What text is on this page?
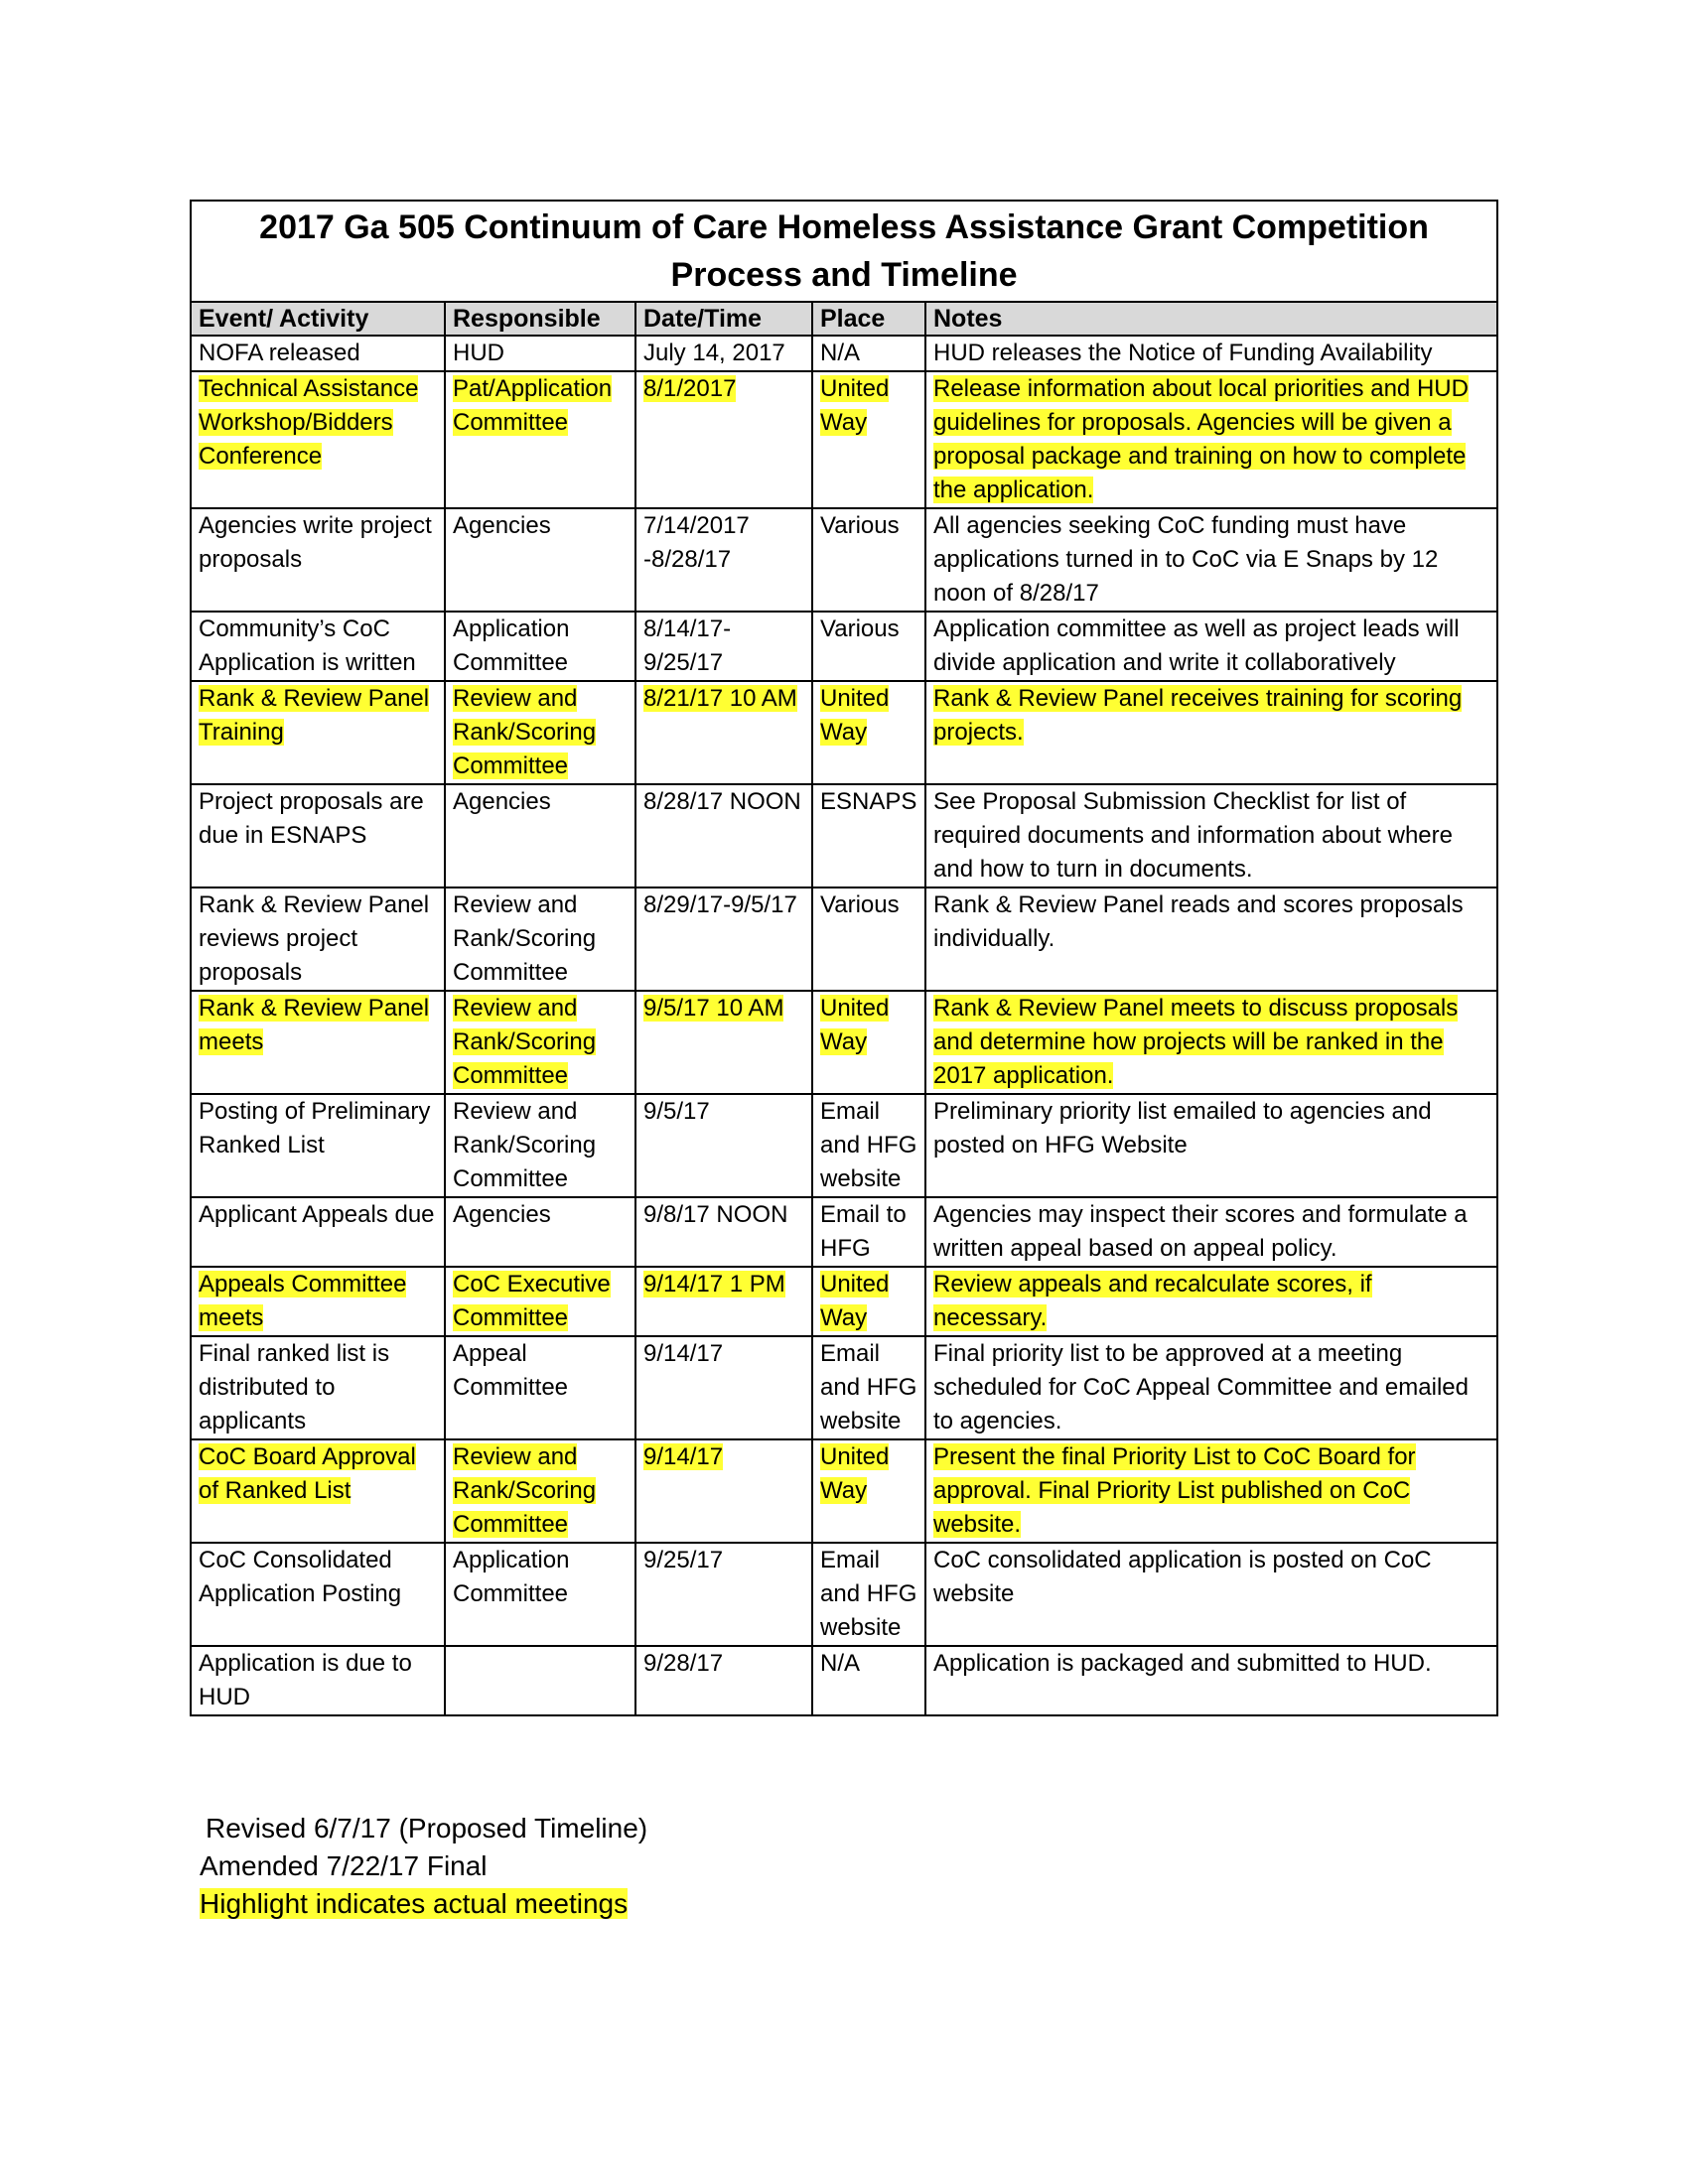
2017 Ga 505 Continuum of Care Homeless Assistance Grant Competition Process and Timeline				
Event/ Activity	Responsible	Date/Time	Place	Notes
NOFA released	HUD	July 14, 2017	N/A	HUD releases the Notice of Funding Availability
Technical Assistance Workshop/Bidders Conference	Pat/Application Committee	8/1/2017	United Way	Release information about local priorities and HUD guidelines for proposals. Agencies will be given a proposal package and training on how to complete the application.
Agencies write project proposals	Agencies	7/14/2017 -8/28/17	Various	All agencies seeking CoC funding must have applications turned in to CoC via E Snaps by 12 noon of 8/28/17
Community’s CoC Application is written	Application Committee	8/14/17-9/25/17	Various	Application committee as well as project leads will divide application and write it collaboratively
Rank & Review Panel Training	Review and Rank/Scoring Committee	8/21/17 10 AM	United Way	Rank & Review Panel receives training for scoring projects.
Project proposals are due in ESNAPS	Agencies	8/28/17 NOON	ESNAPS	See Proposal Submission Checklist for list of required documents and information about where and how to turn in documents.
Rank & Review Panel reviews project proposals	Review and Rank/Scoring Committee	8/29/17-9/5/17	Various	Rank & Review Panel reads and scores proposals individually.
Rank & Review Panel meets	Review and Rank/Scoring Committee	9/5/17 10 AM	United Way	Rank & Review Panel meets to discuss proposals and determine how projects will be ranked in the 2017 application.
Posting of Preliminary Ranked List	Review and Rank/Scoring Committee	9/5/17	Email and HFG website	Preliminary priority list emailed to agencies and posted on HFG Website
Applicant Appeals due	Agencies	9/8/17 NOON	Email to HFG	Agencies may inspect their scores and formulate a written appeal based on appeal policy.
Appeals Committee meets	CoC Executive Committee	9/14/17 1 PM	United Way	Review appeals and recalculate scores, if necessary.
Final ranked list is distributed to applicants	Appeal Committee	9/14/17	Email and HFG website	Final priority list to be approved at a meeting scheduled for CoC Appeal Committee and emailed to agencies.
CoC Board Approval of Ranked List	Review and Rank/Scoring Committee	9/14/17	United Way	Present the final Priority List to CoC Board for approval. Final Priority List published on CoC website.
CoC Consolidated Application Posting	Application Committee	9/25/17	Email and HFG website	CoC consolidated application is posted on CoC website
Application is due to HUD		9/28/17	N/A	Application is packaged and submitted to HUD.
Revised 6/7/17 (Proposed Timeline)
Amended 7/22/17 Final
Highlight indicates actual meetings
